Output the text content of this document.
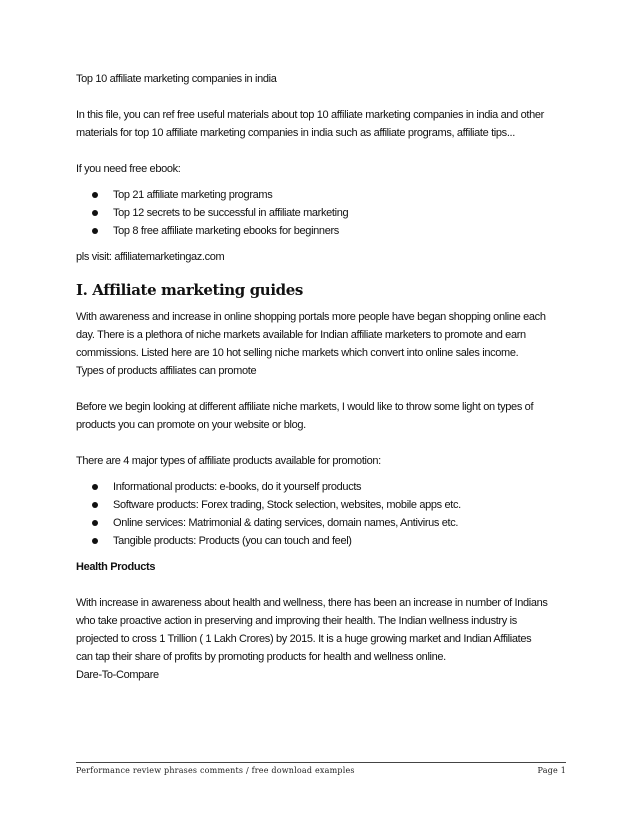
Top 10 affiliate marketing companies in india

In this file, you can ref free useful materials about top 10 affiliate marketing companies in india and other materials for top 10 affiliate marketing companies in india such as affiliate programs, affiliate tips...

If you need free ebook:

Top 21 affiliate marketing programs
Top 12 secrets to be successful in affiliate marketing
Top 8 free affiliate marketing ebooks for beginners

pls visit: affiliatemarketingaz.com

I. Affiliate marketing guides

With awareness and increase in online shopping portals more people have began shopping online each

day. There is a plethora of niche markets available for Indian affiliate marketers to promote and earn

commissions. Listed here are 10 hot selling niche markets which convert into online sales income.

Types of products affiliates can promote

Before we begin looking at different affiliate niche markets, I would like to throw some light on types of products you can promote on your website or blog.

There are 4 major types of affiliate products available for promotion:

Informational products: e-books, do it yourself products
Software products: Forex trading, Stock selection, websites, mobile apps etc.
Online services: Matrimonial & dating services, domain names, Antivirus etc.
Tangible products: Products (you can touch and feel)

Health Products

With increase in awareness about health and wellness, there has been an increase in number of Indians

who take proactive action in preserving and improving their health. The Indian wellness industry is

projected to cross 1 Trillion ( 1 Lakh Crores) by 2015. It is a huge growing market and Indian Affiliates

can tap their share of profits by promoting products for health and wellness online.

Dare-To-Compare

Performance review phrases comments / free download examples	Page 1
